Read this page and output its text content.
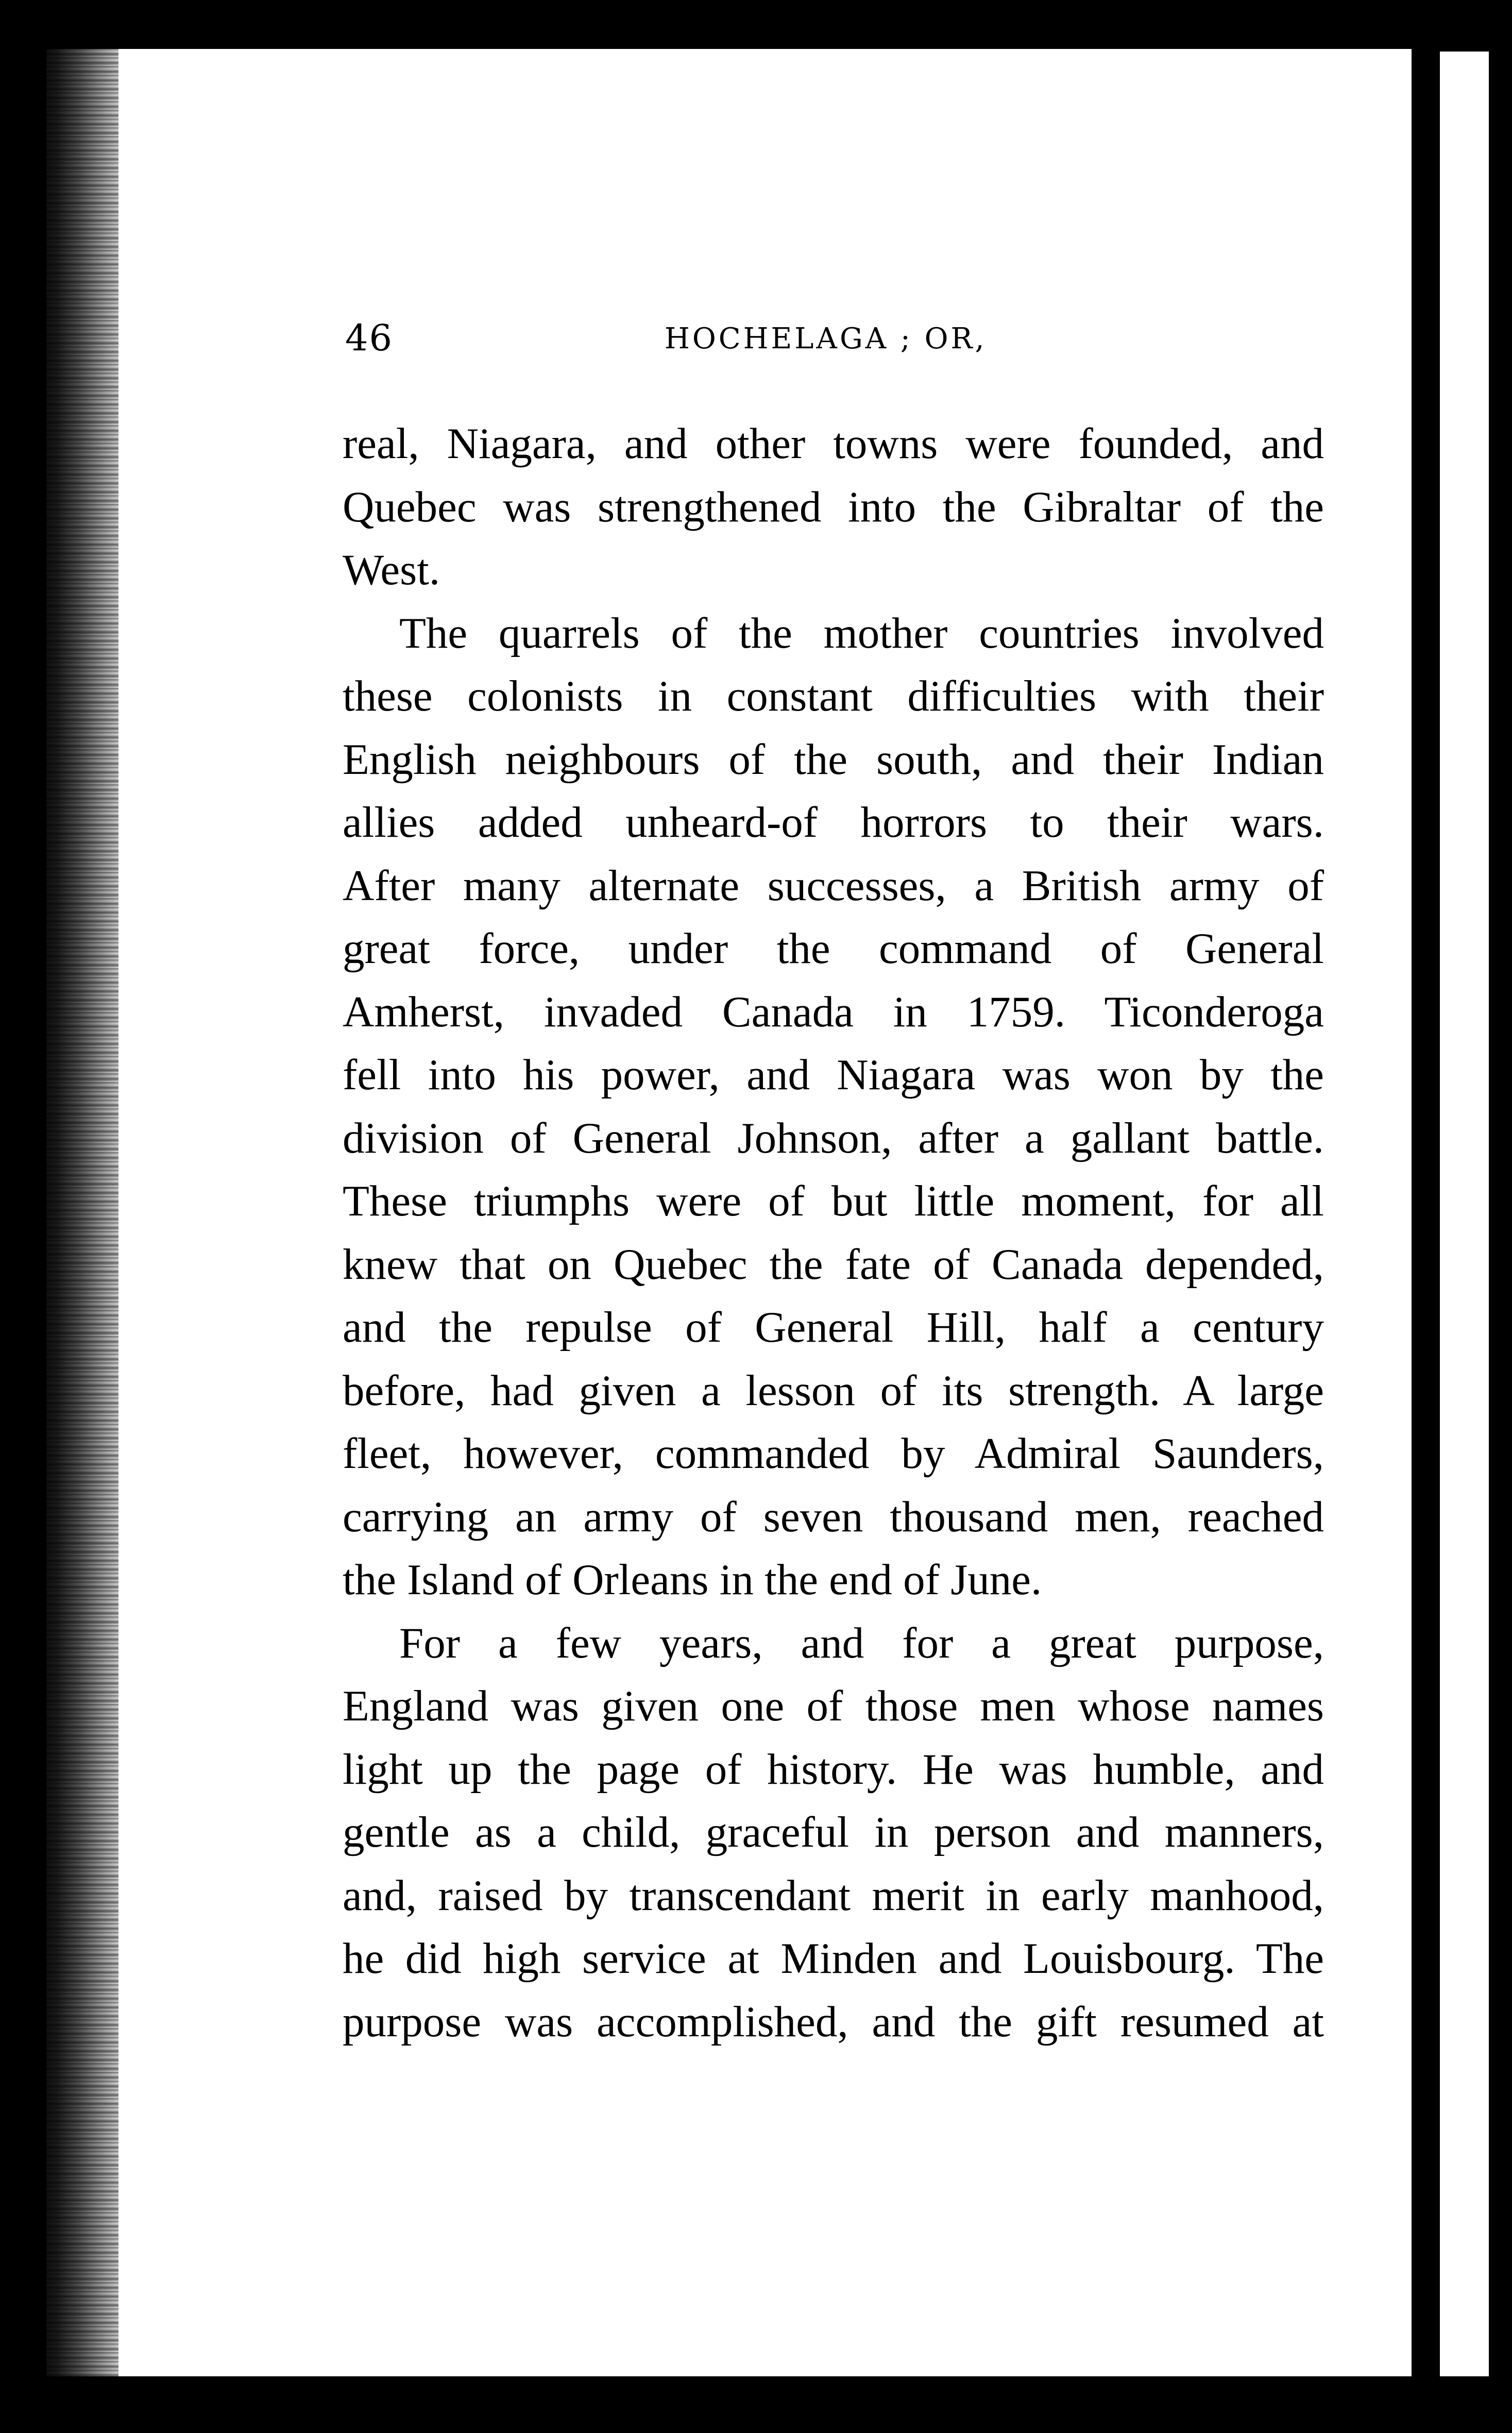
46	HOCHELAGA ; OR,
real, Niagara, and other towns were founded, and
Quebec was strengthened into the Gibraltar of the
West.
The quarrels of the mother countries involved
these colonists in constant difficulties with their
English neighbours of the south, and their Indian
allies added unheard-of horrors to their wars.
After many alternate successes, a British army of
great force, under the command of General
Amherst, invaded Canada in 1759. Ticonderoga
fell into his power, and Niagara was won by the
division of General Johnson, after a gallant battle.
These triumphs were of but little moment, for all
knew that on Quebec the fate of Canada depended,
and the repulse of General Hill, half a century
before, had given a lesson of its strength. A large
fleet, however, commanded by Admiral Saunders,
carrying an army of seven thousand men, reached
the Island of Orleans in the end of June.
For a few years, and for a great purpose,
England was given one of those men whose names
light up the page of history. He was humble, and
gentle as a child, graceful in person and manners,
and, raised by transcendant merit in early manhood,
he did high service at Minden and Louisbourg. The
purpose was accomplished, and the gift resumed at
